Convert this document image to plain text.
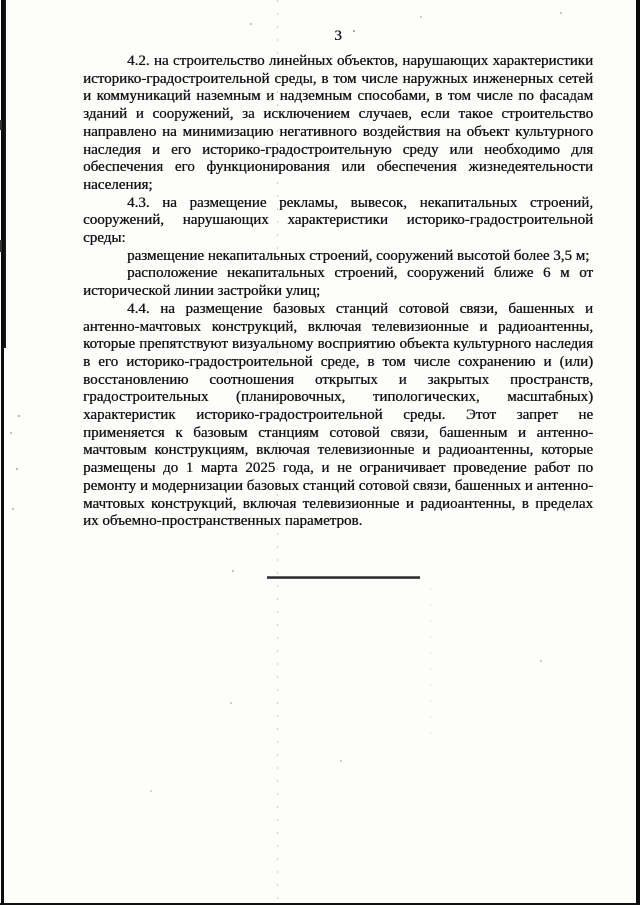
3

4.2. на строительство линейных объектов, нарушающих характеристики историко-градостроительной среды, в том числе наружных инженерных сетей и коммуникаций наземным и надземным способами, в том числе по фасадам зданий и сооружений, за исключением случаев, если такое строительство направлено на минимизацию негативного воздействия на объект культурного наследия и его историко-градостроительную среду или необходимо для обеспечения его функционирования или обеспечения жизнедеятельности населения;

4.3. на размещение рекламы, вывесок, некапитальных строений, сооружений, нарушающих характеристики историко-градостроительной среды:

размещение некапитальных строений, сооружений высотой более 3,5 м;

расположение некапитальных строений, сооружений ближе 6 м от исторической линии застройки улиц;

4.4. на размещение базовых станций сотовой связи, башенных и антенно-мачтовых конструкций, включая телевизионные и радиоантенны, которые препятствуют визуальному восприятию объекта культурного наследия в его историко-градостроительной среде, в том числе сохранению и (или) восстановлению соотношения открытых и закрытых пространств, градостроительных (планировочных, типологических, масштабных) характеристик историко-градостроительной среды. Этот запрет не применяется к базовым станциям сотовой связи, башенным и антенно-мачтовым конструкциям, включая телевизионные и радиоантенны, которые размещены до 1 марта 2025 года, и не ограничивает проведение работ по ремонту и модернизации базовых станций сотовой связи, башенных и антенно-мачтовых конструкций, включая телевизионные и радиоантенны, в пределах их объемно-пространственных параметров.
